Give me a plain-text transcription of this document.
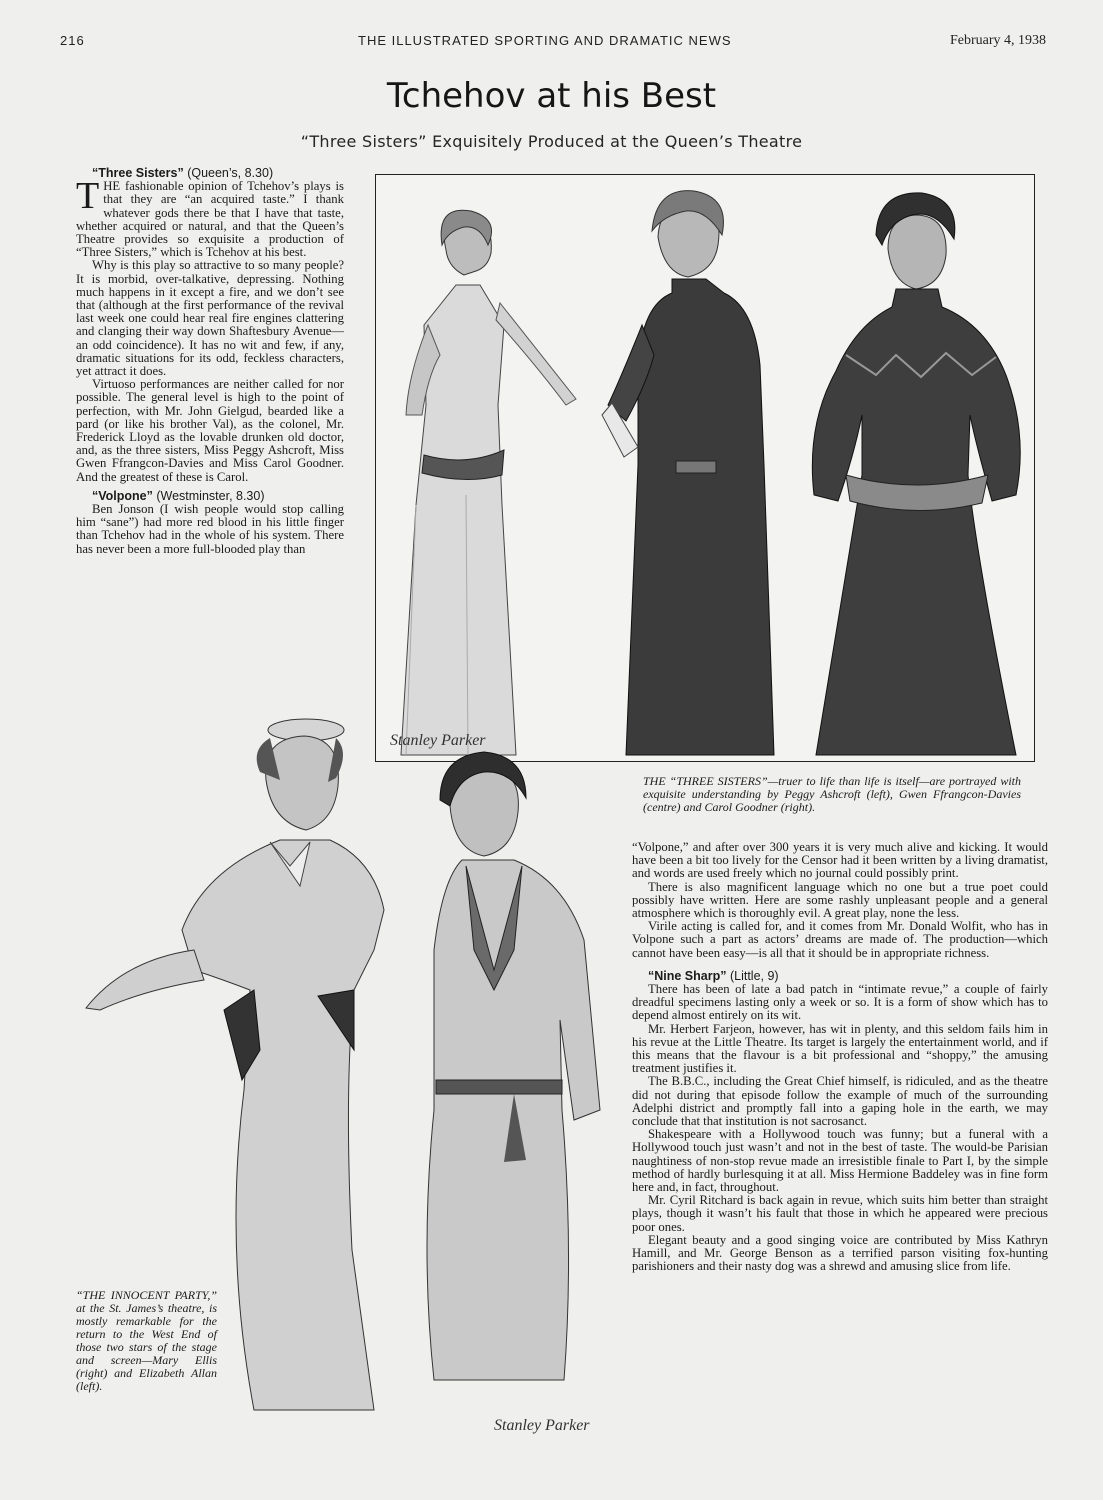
216	THE ILLUSTRATED SPORTING AND DRAMATIC NEWS	February 4, 1938
Tchehov at his Best
“Three Sisters” Exquisitely Produced at the Queen’s Theatre

“Three Sisters” (Queen’s, 8.30)

THE fashionable opinion of Tchehov’s plays is that they are “an acquired taste.” I thank whatever gods there be that I have that taste, whether acquired or natural, and that the Queen’s Theatre provides so exquisite a production of “Three Sisters,” which is Tchehov at his best.

Why is this play so attractive to so many people? It is morbid, over-talkative, depressing. Nothing much happens in it except a fire, and we don’t see that (although at the first performance of the revival last week one could hear real fire engines clattering and clanging their way down Shaftesbury Avenue—an odd coincidence). It has no wit and few, if any, dramatic situations for its odd, feckless characters, yet attract it does.

Virtuoso performances are neither called for nor possible. The general level is high to the point of perfection, with Mr. John Gielgud, bearded like a pard (or like his brother Val), as the colonel, Mr. Frederick Lloyd as the lovable drunken old doctor, and, as the three sisters, Miss Peggy Ashcroft, Miss Gwen Ffrangcon-Davies and Miss Carol Goodner. And the greatest of these is Carol.

“Volpone” (Westminster, 8.30)

Ben Jonson (I wish people would stop calling him “sane”) had more red blood in his little finger than Tchehov had in the whole of his system. There has never been a more full-blooded play than

Stanley Parker
THE “THREE SISTERS”—truer to life than life is itself—are portrayed with exquisite understanding by Peggy Ashcroft (left), Gwen Ffrangcon-Davies (centre) and Carol Goodner (right).
Stanley Parker
“THE INNOCENT PARTY,” at the St. James’s theatre, is mostly remarkable for the return to the West End of those two stars of the stage and screen—Mary Ellis (right) and Elizabeth Allan (left).

“Volpone,” and after over 300 years it is very much alive and kicking. It would have been a bit too lively for the Censor had it been written by a living dramatist, and words are used freely which no journal could possibly print.

There is also magnificent language which no one but a true poet could possibly have written. Here are some rashly unpleasant people and a general atmosphere which is thoroughly evil. A great play, none the less.

Virile acting is called for, and it comes from Mr. Donald Wolfit, who has in Volpone such a part as actors’ dreams are made of. The production—which cannot have been easy—is all that it should be in appropriate richness.

“Nine Sharp” (Little, 9)

There has been of late a bad patch in “intimate revue,” a couple of fairly dreadful specimens lasting only a week or so. It is a form of show which has to depend almost entirely on its wit.

Mr. Herbert Farjeon, however, has wit in plenty, and this seldom fails him in his revue at the Little Theatre. Its target is largely the entertainment world, and if this means that the flavour is a bit professional and “shoppy,” the amusing treatment justifies it.

The B.B.C., including the Great Chief himself, is ridiculed, and as the theatre did not during that episode follow the example of much of the surrounding Adelphi district and promptly fall into a gaping hole in the earth, we may conclude that that institution is not sacrosanct.

Shakespeare with a Hollywood touch was funny; but a funeral with a Hollywood touch just wasn’t and not in the best of taste. The would-be Parisian naughtiness of non-stop revue made an irresistible finale to Part I, by the simple method of hardly burlesquing it at all. Miss Hermione Baddeley was in fine form here and, in fact, throughout.

Mr. Cyril Ritchard is back again in revue, which suits him better than straight plays, though it wasn’t his fault that those in which he appeared were precious poor ones.

Elegant beauty and a good singing voice are contributed by Miss Kathryn Hamill, and Mr. George Benson as a terrified parson visiting fox-hunting parishioners and their nasty dog was a shrewd and amusing slice from life.
